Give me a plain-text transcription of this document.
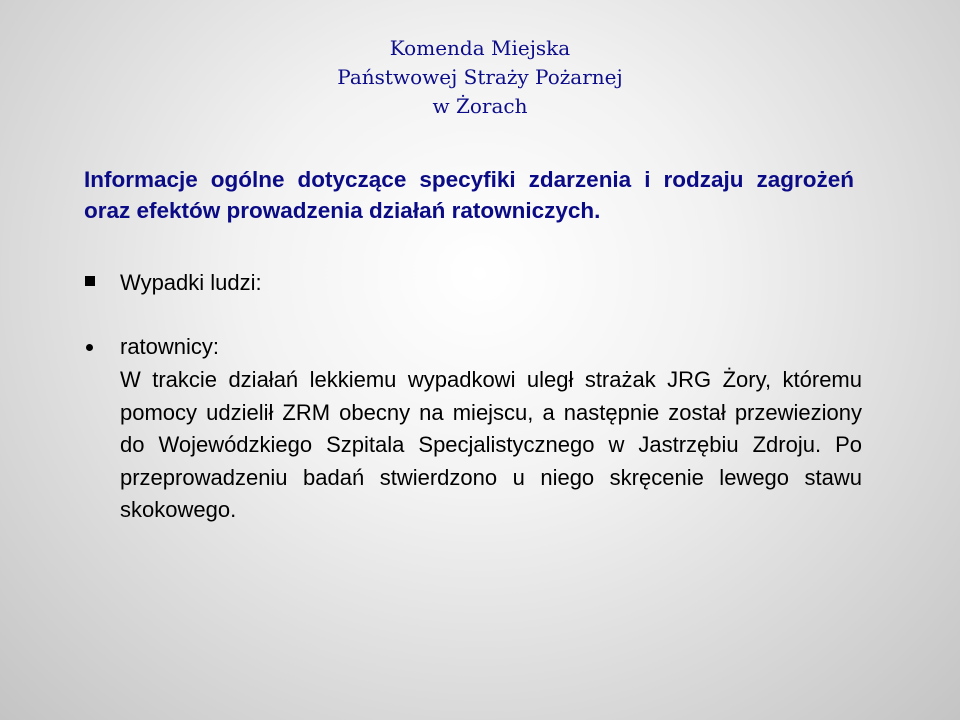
Komenda Miejska
Państwowej Straży Pożarnej
w Żorach
Informacje ogólne dotyczące specyfiki zdarzenia i rodzaju zagrożeń oraz efektów prowadzenia działań ratowniczych.
Wypadki ludzi:
ratownicy:
W trakcie działań lekkiemu wypadkowi uległ strażak JRG Żory, któremu pomocy udzielił ZRM obecny na miejscu, a następnie został przewieziony do Wojewódzkiego Szpitala Specjalistycznego w Jastrzębiu Zdroju. Po przeprowadzeniu badań stwierdzono u niego skręcenie lewego stawu skokowego.
